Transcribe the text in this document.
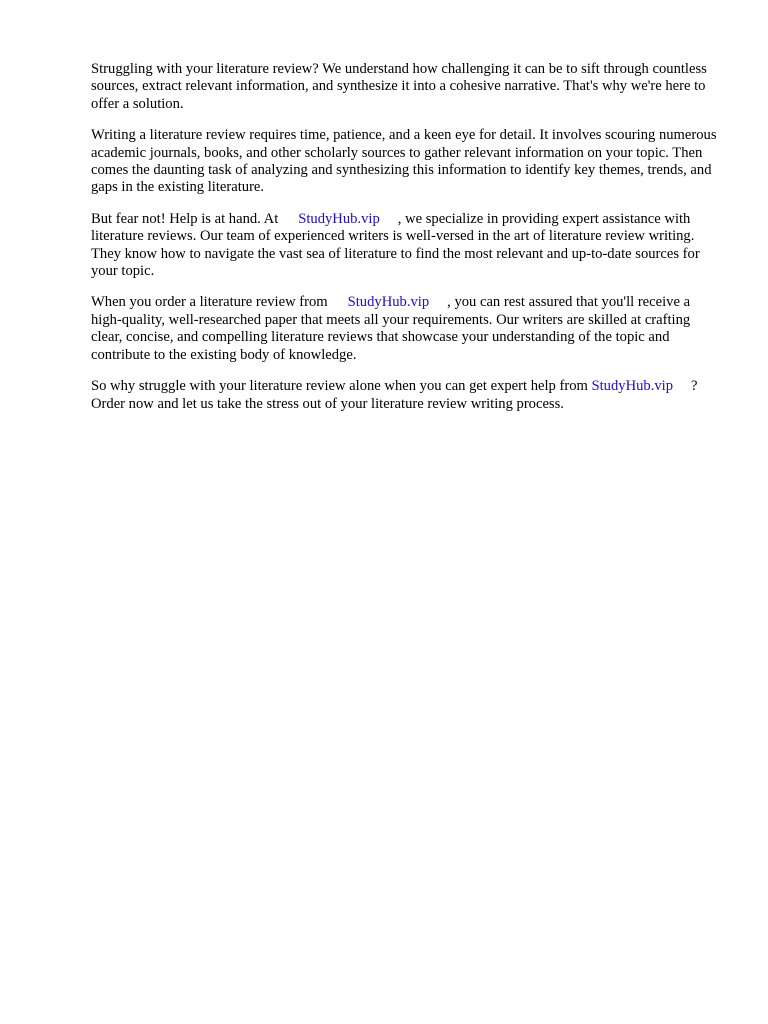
Struggling with your literature review? We understand how challenging it can be to sift through countless sources, extract relevant information, and synthesize it into a cohesive narrative. That's why we're here to offer a solution.

Writing a literature review requires time, patience, and a keen eye for detail. It involves scouring numerous academic journals, books, and other scholarly sources to gather relevant information on your topic. Then comes the daunting task of analyzing and synthesizing this information to identify key themes, trends, and gaps in the existing literature.

But fear not! Help is at hand. At StudyHub.vip , we specialize in providing expert assistance with literature reviews. Our team of experienced writers is well-versed in the art of literature review writing. They know how to navigate the vast sea of literature to find the most relevant and up-to-date sources for your topic.

When you order a literature review from StudyHub.vip , you can rest assured that you'll receive a high-quality, well-researched paper that meets all your requirements. Our writers are skilled at crafting clear, concise, and compelling literature reviews that showcase your understanding of the topic and contribute to the existing body of knowledge.

So why struggle with your literature review alone when you can get expert help from StudyHub.vip ? Order now and let us take the stress out of your literature review writing process.
